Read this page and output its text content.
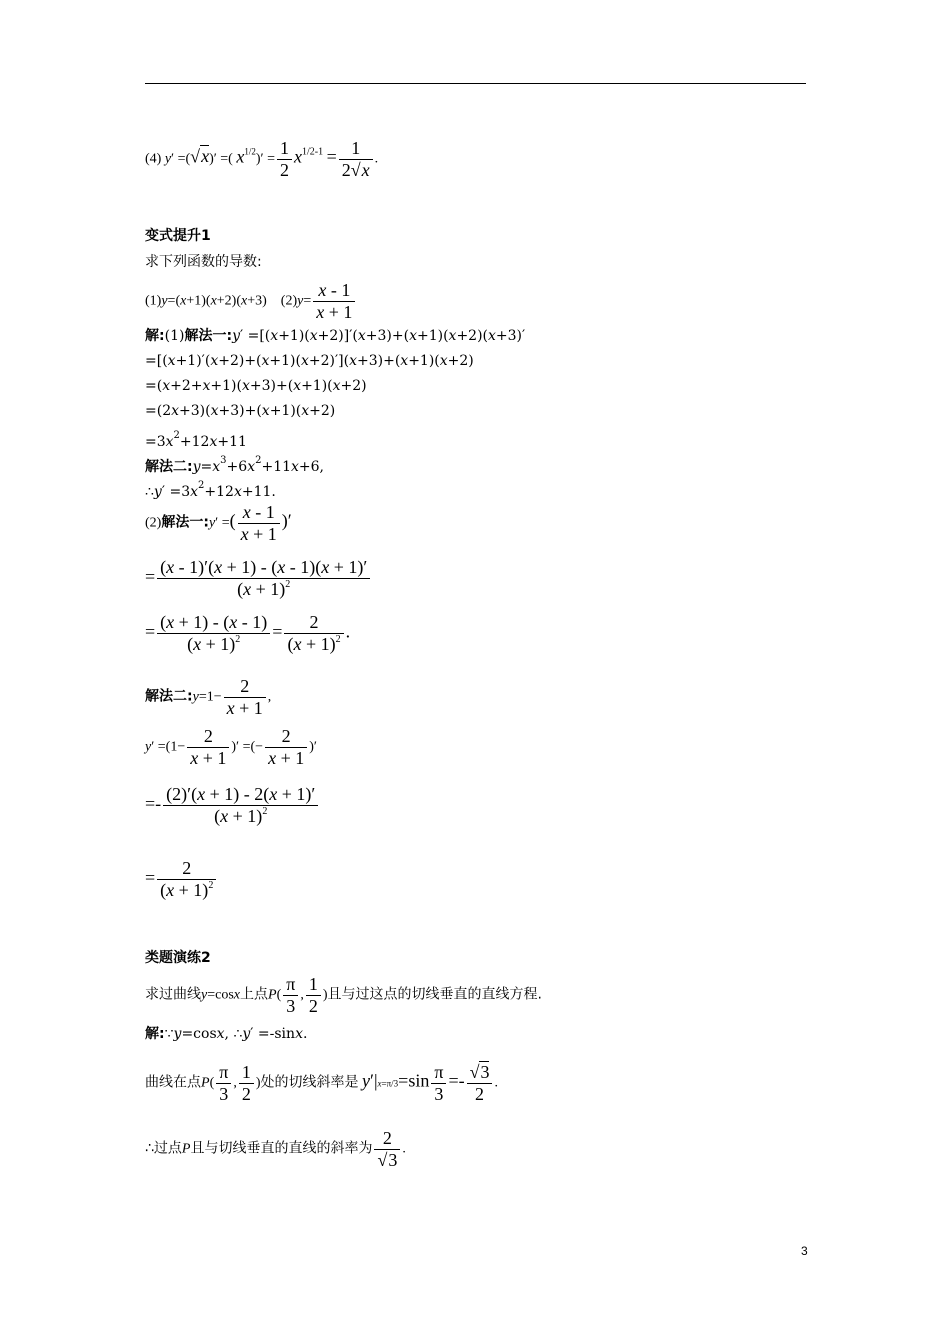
(4) y′ =(√x)′ =( $x^{1/2})' = \frac{1}{2} x^{1/2-1} = \frac{1}{2√x}$ .
变式提升1
求下列函数的导数:
(1)y=(x+1)(x+2)(x+3)    $(2)y= \frac{x - 1}{x + 1}$
解:(1)解法一:y′ =[(x+1)(x+2)]′(x+3)+(x+1)(x+2)(x+3)′
=[(x+1)′(x+2)+(x+1)(x+2)′](x+3)+(x+1)(x+2)
=(x+2+x+1)(x+3)+(x+1)(x+2)
=(2x+3)(x+3)+(x+1)(x+2)
$=3x^2+12x+11$
解法二$:y=x^3+6x^2+11x+6$,
∴y′ $=3x^2+12x+11$.
(2)解法一:y′ =( $\frac{x - 1}{x + 1}$ )′
= $\frac{(x - 1)'(x + 1) - (x - 1)(x + 1)'}{(x + 1)^2}$
= $\frac{(x + 1) - (x - 1)}{(x + 1)^2} = \frac{2}{(x + 1)^2}$ .
解法二:y=1− $\frac{2}{x + 1}$ ,
$y' =(1- \frac{2}{x + 1}$ )′ =(− $\frac{2}{x + 1}$ )′
=- $\frac{(2)'(x + 1) - 2(x + 1)'}{(x + 1)^2}$
= $\frac{2}{(x + 1)^2}$
类题演练2
求过曲线y=cosx上点$P( \frac{\pi}{3}$ , $\frac{1}{2}$ )且与过这点的切线垂直的直线方程.
解:∵y=cosx, ∴y′ =-sinx.
曲线在点$P( \frac{\pi}{3}$ , $\frac{1}{2}$ )处的切线斜率是 $y'|x=\pi/3=\sin \frac{\pi}{3} =- \frac{√3}{2}$ .
∴过点P且与切线垂直的直线的斜率为 $\frac{2}{√3}$ .
3
